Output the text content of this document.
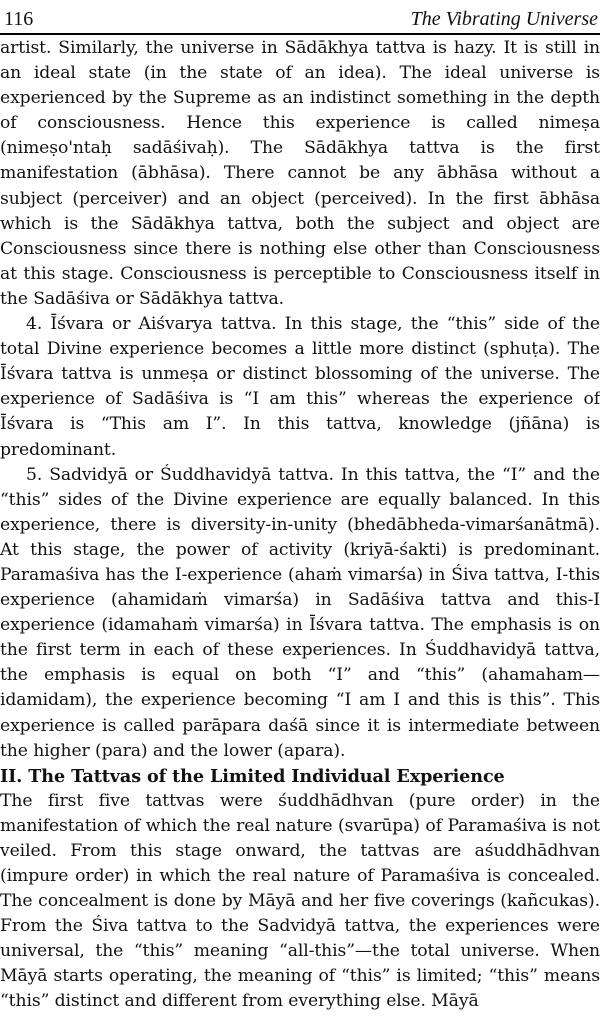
116	The Vibrating Universe

artist. Similarly, the universe in Sādākhya tattva is hazy. It is still in an ideal state (in the state of an idea). The ideal universe is experienced by the Supreme as an indistinct something in the depth of consciousness. Hence this experience is called nimeṣa (nimeṣo'ntaḥ sadāśivaḥ). The Sādākhya tattva is the first manifestation (ābhāsa). There cannot be any ābhāsa without a subject (perceiver) and an object (perceived). In the first ābhāsa which is the Sādākhya tattva, both the subject and object are Consciousness since there is nothing else other than Consciousness at this stage. Consciousness is perceptible to Consciousness itself in the Sadāśiva or Sādākhya tattva.

4. Īśvara or Aiśvarya tattva. In this stage, the “this” side of the total Divine experience becomes a little more distinct (sphuṭa). The Īśvara tattva is unmeṣa or distinct blossoming of the universe. The experience of Sadāśiva is “I am this” whereas the experience of Īśvara is “This am I”. In this tattva, knowledge (jñāna) is predominant.

5. Sadvidyā or Śuddhavidyā tattva. In this tattva, the “I” and the “this” sides of the Divine experience are equally balanced. In this experience, there is diversity-in-unity (bhedābheda-vimarśanātmā). At this stage, the power of activity (kriyā-śakti) is predominant. Paramaśiva has the I-experience (ahaṁ vimarśa) in Śiva tattva, I-this experience (ahamidaṁ vimarśa) in Sadāśiva tattva and this-I experience (idamahaṁ vimarśa) in Īśvara tattva. The emphasis is on the first term in each of these experiences. In Śuddhavidyā tattva, the emphasis is equal on both “I” and “this” (ahamaham—idamidam), the experience becoming “I am I and this is this”. This experience is called parāpara daśā since it is intermediate between the higher (para) and the lower (apara).

II. The Tattvas of the Limited Individual Experience

The first five tattvas were śuddhādhvan (pure order) in the manifestation of which the real nature (svarūpa) of Paramaśiva is not veiled. From this stage onward, the tattvas are aśuddhādhvan (impure order) in which the real nature of Paramaśiva is concealed. The concealment is done by Māyā and her five coverings (kañcukas). From the Śiva tattva to the Sadvidyā tattva, the experiences were universal, the “this” meaning “all-this”—the total universe. When Māyā starts operating, the meaning of “this” is limited; “this” means “this” distinct and different from everything else. Māyā
